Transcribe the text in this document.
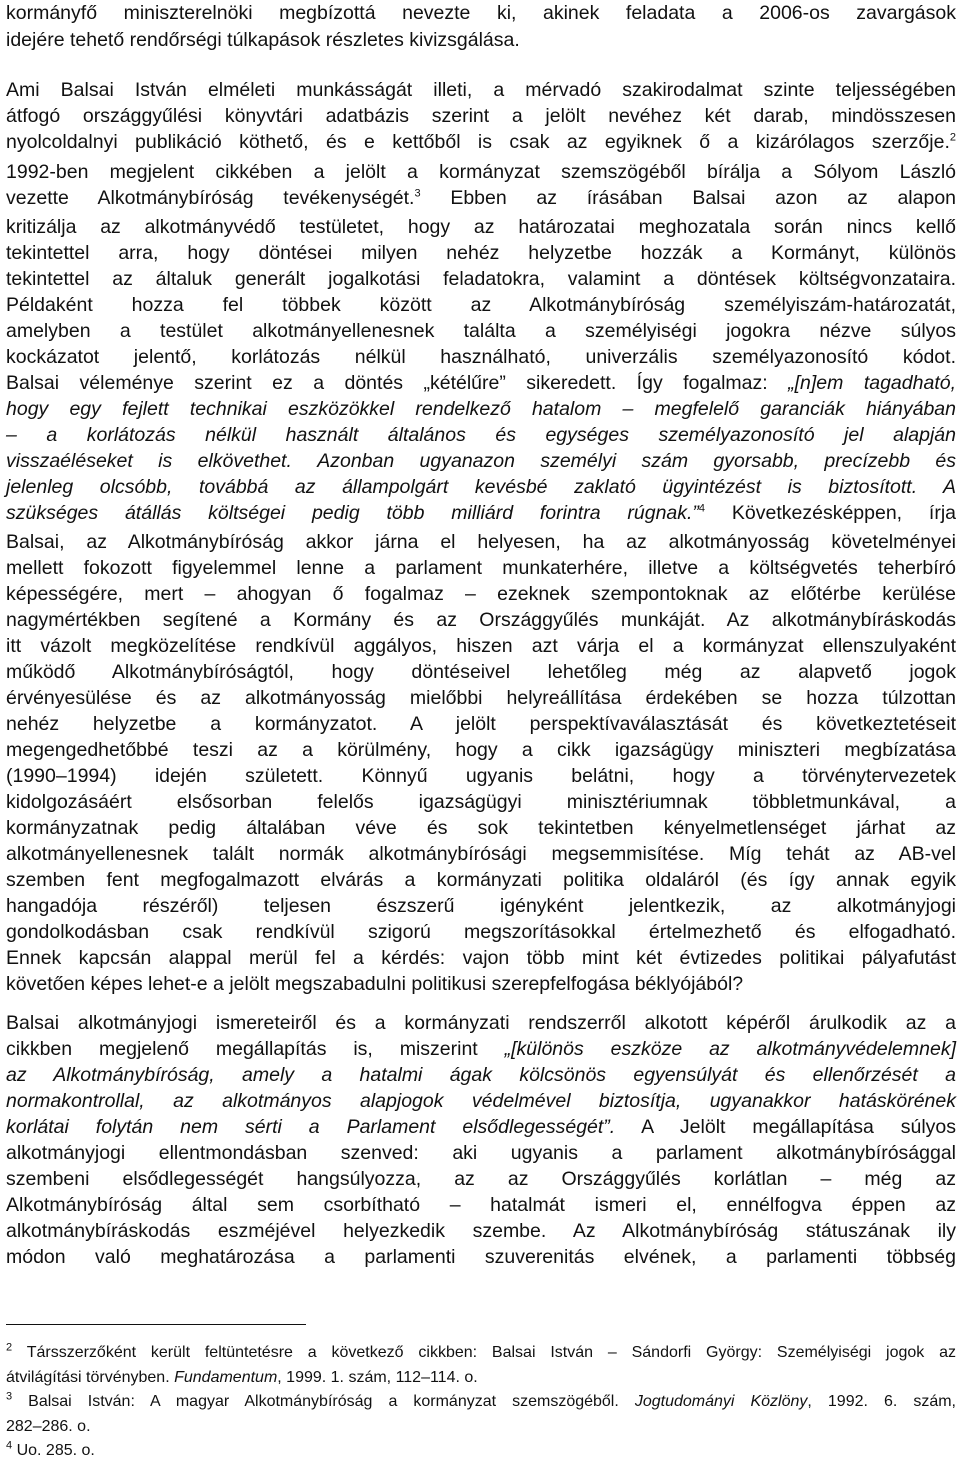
kormányfő miniszterelnöki megbízottá nevezte ki, akinek feladata a 2006-os zavargások
idejére tehető rendőrségi túlkapások részletes kivizsgálása.
Ami Balsai István elméleti munkásságát illeti, a mérvadó szakirodalmat szinte teljességében
átfogó országgyűlési könyvtári adatbázis szerint a jelölt nevéhez két darab, mindösszesen
nyolcoldalnyi publikáció köthető, és e kettőből is csak az egyiknek ő a kizárólagos szerzője.$^2$
1992-ben megjelent cikkében a jelölt a kormányzat szemszögéből bírálja a Sólyom László
vezette Alkotmánybíróság tevékenységét.$^3$ Ebben az írásában Balsai azon az alapon
kritizálja az alkotmányvédő testületet, hogy az határozatai meghozatala során nincs kellő
tekintettel arra, hogy döntései milyen nehéz helyzetbe hozzák a Kormányt, különös
tekintettel az általuk generált jogalkotási feladatokra, valamint a döntések költségvonzataira.
Példaként hozza fel többek között az Alkotmánybíróság személyiszám-határozatát,
amelyben a testület alkotmányellenesnek találta a személyiségi jogokra nézve súlyos
kockázatot jelentő, korlátozás nélkül használható, univerzális személyazonosító kódot.
Balsai véleménye szerint ez a döntés „kétélűre” sikeredett. Így fogalmaz: „[n]em tagadható,
hogy egy fejlett technikai eszközökkel rendelkező hatalom – megfelelő garanciák hiányában
– a korlátozás nélkül használt általános és egységes személyazonosító jel alapján
visszaéléseket is elkövethet. Azonban ugyanazon személyi szám gyorsabb, precízebb és
jelenleg olcsóbb, továbbá az állampolgárt kevésbé zaklató ügyintézést is biztosított. A
szükséges átállás költségei pedig több milliárd forintra rúgnak.”$^4$ Következésképpen, írja
Balsai, az Alkotmánybíróság akkor járna el helyesen, ha az alkotmányosság követelményei
mellett fokozott figyelemmel lenne a parlament munkaterhére, illetve a költségvetés teherbíró
képességére, mert – ahogyan ő fogalmaz – ezeknek szempontoknak az előtérbe kerülése
nagymértékben segítené a Kormány és az Országgyűlés munkáját. Az alkotmánybíráskodás
itt vázolt megközelítése rendkívül aggályos, hiszen azt várja el a kormányzat ellenszulyaként
működő Alkotmánybíróságtól, hogy döntéseivel lehetőleg még az alapvető jogok
érvényesülése és az alkotmányosság mielőbbi helyreállítása érdekében se hozza túlzottan
nehéz helyzetbe a kormányzatot. A jelölt perspektívaválasztását és következtetéseit
megengedhetőbbé teszi az a körülmény, hogy a cikk igazságügy miniszteri megbízatása
(1990–1994) idején született. Könnyű ugyanis belátni, hogy a törvénytervezetek
kidolgozásáért elsősorban felelős igazságügyi minisztériumnak többletmunkával, a
kormányzatnak pedig általában véve és sok tekintetben kényelmetlenséget járhat az
alkotmányellenesnek talált normák alkotmánybírósági megsemmisítése. Míg tehát az AB-vel
szemben fent megfogalmazott elvárás a kormányzati politika oldaláról (és így annak egyik
hangadója részéről) teljesen észszerű igényként jelentkezik, az alkotmányjogi
gondolkodásban csak rendkívül szigorú megszorításokkal értelmezhető és elfogadható.
Ennek kapcsán alappal merül fel a kérdés: vajon több mint két évtizedes politikai pályafutást
követően képes lehet-e a jelölt megszabadulni politikusi szerepfelfogása béklyójából?
Balsai alkotmányjogi ismereteiről és a kormányzati rendszerről alkotott képéről árulkodik az a
cikkben megjelenő megállapítás is, miszerint „[különös eszköze az alkotmányvédelemnek]
az Alkotmánybíróság, amely a hatalmi ágak kölcsönös egyensúlyát és ellenőrzését a
normakontrollal, az alkotmányos alapjogok védelmével biztosítja, ugyanakkor hatáskörének
korlátai folytán nem sérti a Parlament elsődlegességét”. A Jelölt megállapítása súlyos
alkotmányjogi ellentmondásban szenved: aki ugyanis a parlament alkotmánybírósággal
szembeni elsődlegességét hangsúlyozza, az az Országgyűlés korlátlan – még az
Alkotmánybíróság által sem csorbítható – hatalmát ismeri el, ennélfogva éppen az
alkotmánybíráskodás eszméjével helyezkedik szembe. Az Alkotmánybíróság státuszának ily
módon való meghatározása a parlamenti szuverenitás elvének, a parlamenti többség
$^2$ Társszerzőként került feltüntetésre a következő cikkben: Balsai István – Sándorfi György: Személyiségi jogok az
átvilágítási törvényben. Fundamentum, 1999. 1. szám, 112–114. o.
$^3$ Balsai István: A magyar Alkotmánybíróság a kormányzat szemszögéből. Jogtudományi Közlöny, 1992. 6. szám,
282–286. o.
$^4$ Uo. 285. o.
